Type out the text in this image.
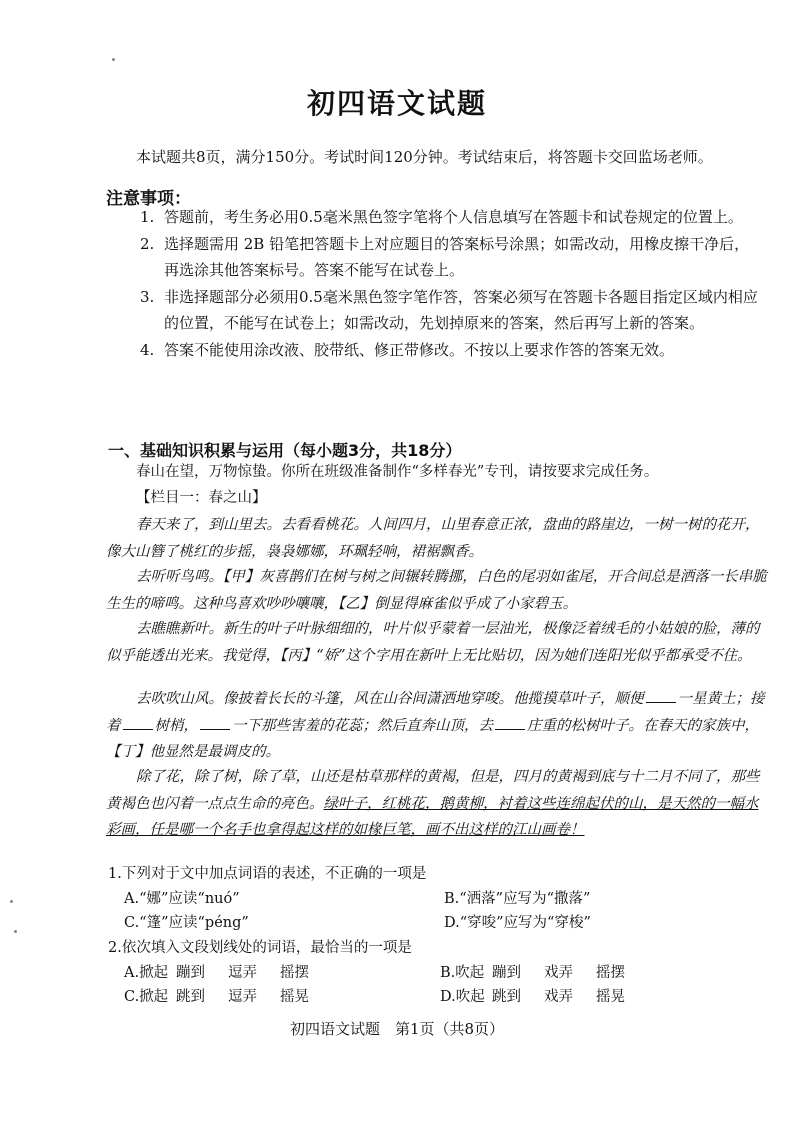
初四语文试题
本试题共8页，满分150分。考试时间120分钟。考试结束后，将答题卡交回监场老师。
注意事项：
1. 答题前，考生务必用0.5毫米黑色签字笔将个人信息填写在答题卡和试卷规定的位置上。
2. 选择题需用 2B 铅笔把答题卡上对应题目的答案标号涂黑；如需改动，用橡皮擦干净后，再选涂其他答案标号。答案不能写在试卷上。
3. 非选择题部分必须用0.5毫米黑色签字笔作答，答案必须写在答题卡各题目指定区域内相应的位置，不能写在试卷上；如需改动，先划掉原来的答案，然后再写上新的答案。
4. 答案不能使用涂改液、胶带纸、修正带修改。不按以上要求作答的答案无效。
一、基础知识积累与运用（每小题3分，共18分）
春山在望，万物惊蛰。你所在班级准备制作“多样春光”专刊，请按要求完成任务。
【栏目一：春之山】
春天来了，到山里去。去看看桃花。人间四月，山里春意正浓，盘曲的路崖边，一树一树的花开，像大山簪了桃红的步摇，袅袅娜娜，环珮轻响，裙裾飘香。
去听听鸟鸣。【甲】灰喜鹊们在树与树之间辗转腾挪，白色的尾羽如雀尾，开合间总是洒落一长串脆生生的啼鸣。这种鸟喜欢吵吵嚷嚷，【乙】倒显得麻雀似乎成了小家碧玉。
去瞧瞧新叶。新生的叶子叶脉细细的，叶片似乎蒙着一层油光，极像泛着绒毛的小姑娘的脸，薄的似乎能透出光来。我觉得，【丙】“娇”这个字用在新叶上无比贴切，因为她们连阳光似乎都承受不住。
去吹吹山风。像披着长长的斗篷，风在山谷间潇洒地穿唆。他揽摸草叶子，顺便 一星黄土；接着 树梢， 一下那些害羞的花蕊；然后直奔山顶，去 庄重的松树叶子。在春天的家族中，【丁】他显然是最调皮的。
除了花，除了树，除了草，山还是枯草那样的黄褐，但是，四月的黄褐到底与十二月不同了，那些黄褐色也闪着一点点生命的亮色。绿叶子，红桃花，鹅黄柳，衬着这些连绵起伏的山，是天然的一幅水彩画，任是哪一个名手也拿得起这样的如椽巨笔，画不出这样的江山画卷！
1.下列对于文中加点词语的表述，不正确的一项是
A.“娜”应读“nuó”	B.“洒落”应写为“撒落”
C.“篷”应读“péng”	D.“穿唆”应写为“穿梭”
2.依次填入文段划线处的词语，最恰当的一项是
A.掀起 蹦到 逗弄 摇摆	B.吹起 蹦到 戏弄 摇摆
C.掀起 跳到 逗弄 摇晃	D.吹起 跳到 戏弄 摇晃
初四语文试题　第1页（共8页）
